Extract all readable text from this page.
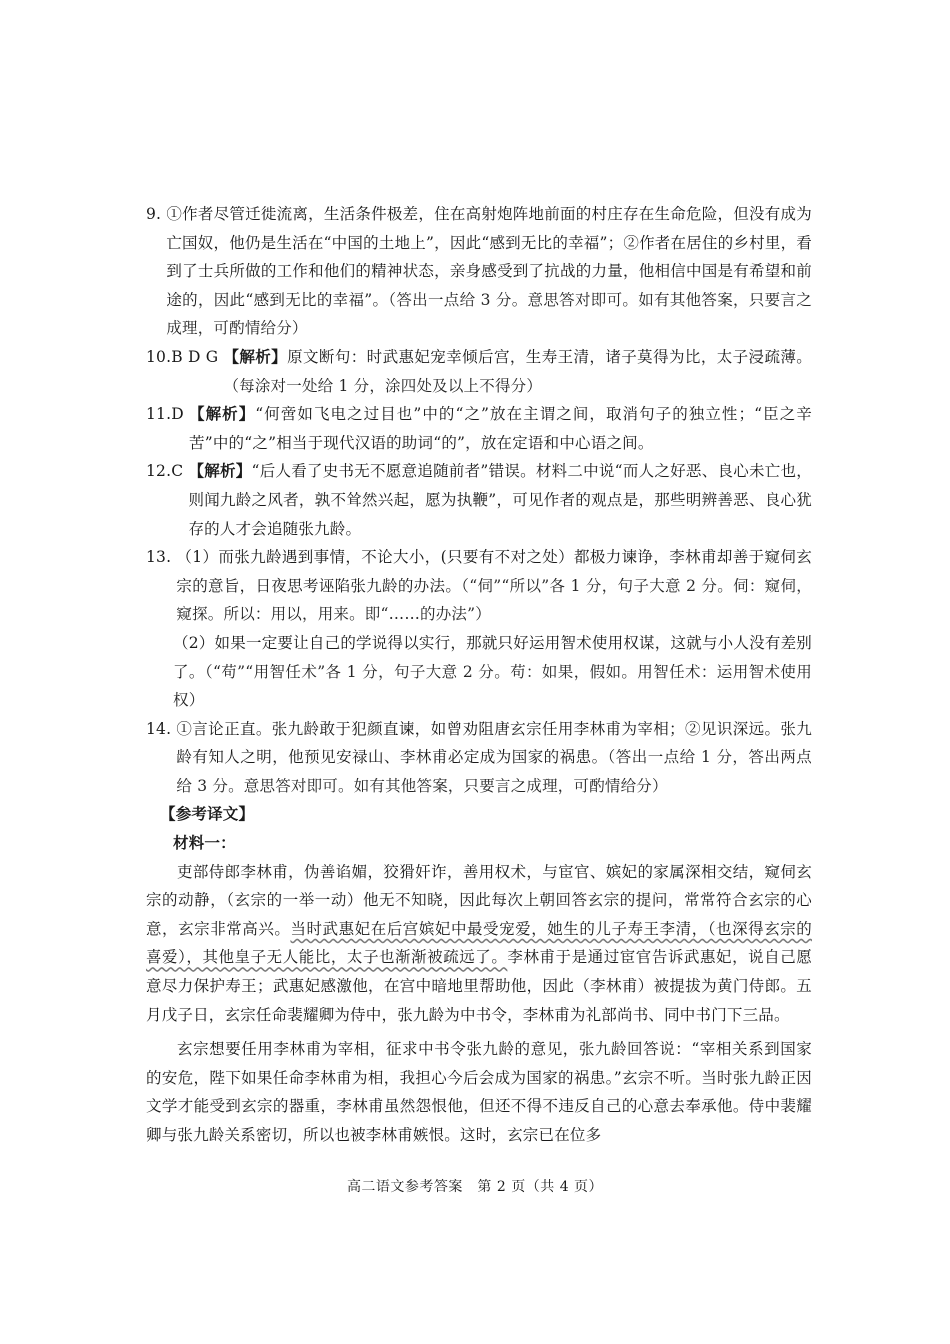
9. ①作者尽管迁徙流离，生活条件极差，住在高射炮阵地前面的村庄存在生命危险，但没有成为亡国奴，他仍是生活在“中国的土地上”，因此“感到无比的幸福”；②作者在居住的乡村里，看到了士兵所做的工作和他们的精神状态，亲身感受到了抗战的力量，他相信中国是有希望和前途的，因此“感到无比的幸福”。（答出一点给 3 分。意思答对即可。如有其他答案，只要言之成理，可酌情给分）
10.B D G 【解析】原文断句：时武惠妃宠幸倾后宫，生寿王清，诸子莫得为比，太子浸疏薄。（每涂对一处给 1 分，涂四处及以上不得分）
11.D 【解析】“何啻如飞电之过目也”中的“之”放在主谓之间，取消句子的独立性；“臣之辛苦”中的“之”相当于现代汉语的助词“的”，放在定语和中心语之间。
12.C 【解析】“后人看了史书无不愿意追随前者”错误。材料二中说“而人之好恶、良心未亡也，则闻九龄之风者，孰不耸然兴起，愿为执鞭”，可见作者的观点是，那些明辨善恶、良心犹存的人才会追随张九龄。
13. （1）而张九龄遇到事情，不论大小，(只要有不对之处）都极力谏诤，李林甫却善于窥伺玄宗的意旨，日夜思考诬陷张九龄的办法。（“伺”“所以”各 1 分，句子大意 2 分。伺：窥伺，窥探。所以：用以，用来。即“……的办法”）
（2）如果一定要让自己的学说得以实行，那就只好运用智术使用权谋，这就与小人没有差别了。（“苟”“用智任术”各 1 分，句子大意 2 分。苟：如果，假如。用智任术：运用智术使用权）
14. ①言论正直。张九龄敢于犯颜直谏，如曾劝阻唐玄宗任用李林甫为宰相；②见识深远。张九龄有知人之明，他预见安禄山、李林甫必定成为国家的祸患。（答出一点给 1 分，答出两点给 3 分。意思答对即可。如有其他答案，只要言之成理，可酌情给分）
【参考译文】
材料一：
吏部侍郎李林甫，伪善谄媚，狡猾奸诈，善用权术，与宦官、嫔妃的家属深相交结，窥伺玄宗的动静，（玄宗的一举一动）他无不知晓，因此每次上朝回答玄宗的提问，常常符合玄宗的心意，玄宗非常高兴。当时武惠妃在后宫嫔妃中最受宠爱，她生的儿子寿王李清，（也深得玄宗的喜爱），其他皇子无人能比，太子也渐渐被疏远了。李林甫于是通过宦官告诉武惠妃，说自己愿意尽力保护寿王；武惠妃感激他，在宫中暗地里帮助他，因此（李林甫）被提拔为黄门侍郎。五月戊子日，玄宗任命裴耀卿为侍中，张九龄为中书令，李林甫为礼部尚书、同中书门下三品。
玄宗想要任用李林甫为宰相，征求中书令张九龄的意见，张九龄回答说：“宰相关系到国家的安危，陛下如果任命李林甫为相，我担心今后会成为国家的祸患。”玄宗不听。当时张九龄正因文学才能受到玄宗的器重，李林甫虽然怨恨他，但还不得不违反自己的心意去奉承他。侍中裴耀卿与张九龄关系密切，所以也被李林甫嫉恨。这时，玄宗已在位多
高二语文参考答案　第 2 页（共 4 页）
